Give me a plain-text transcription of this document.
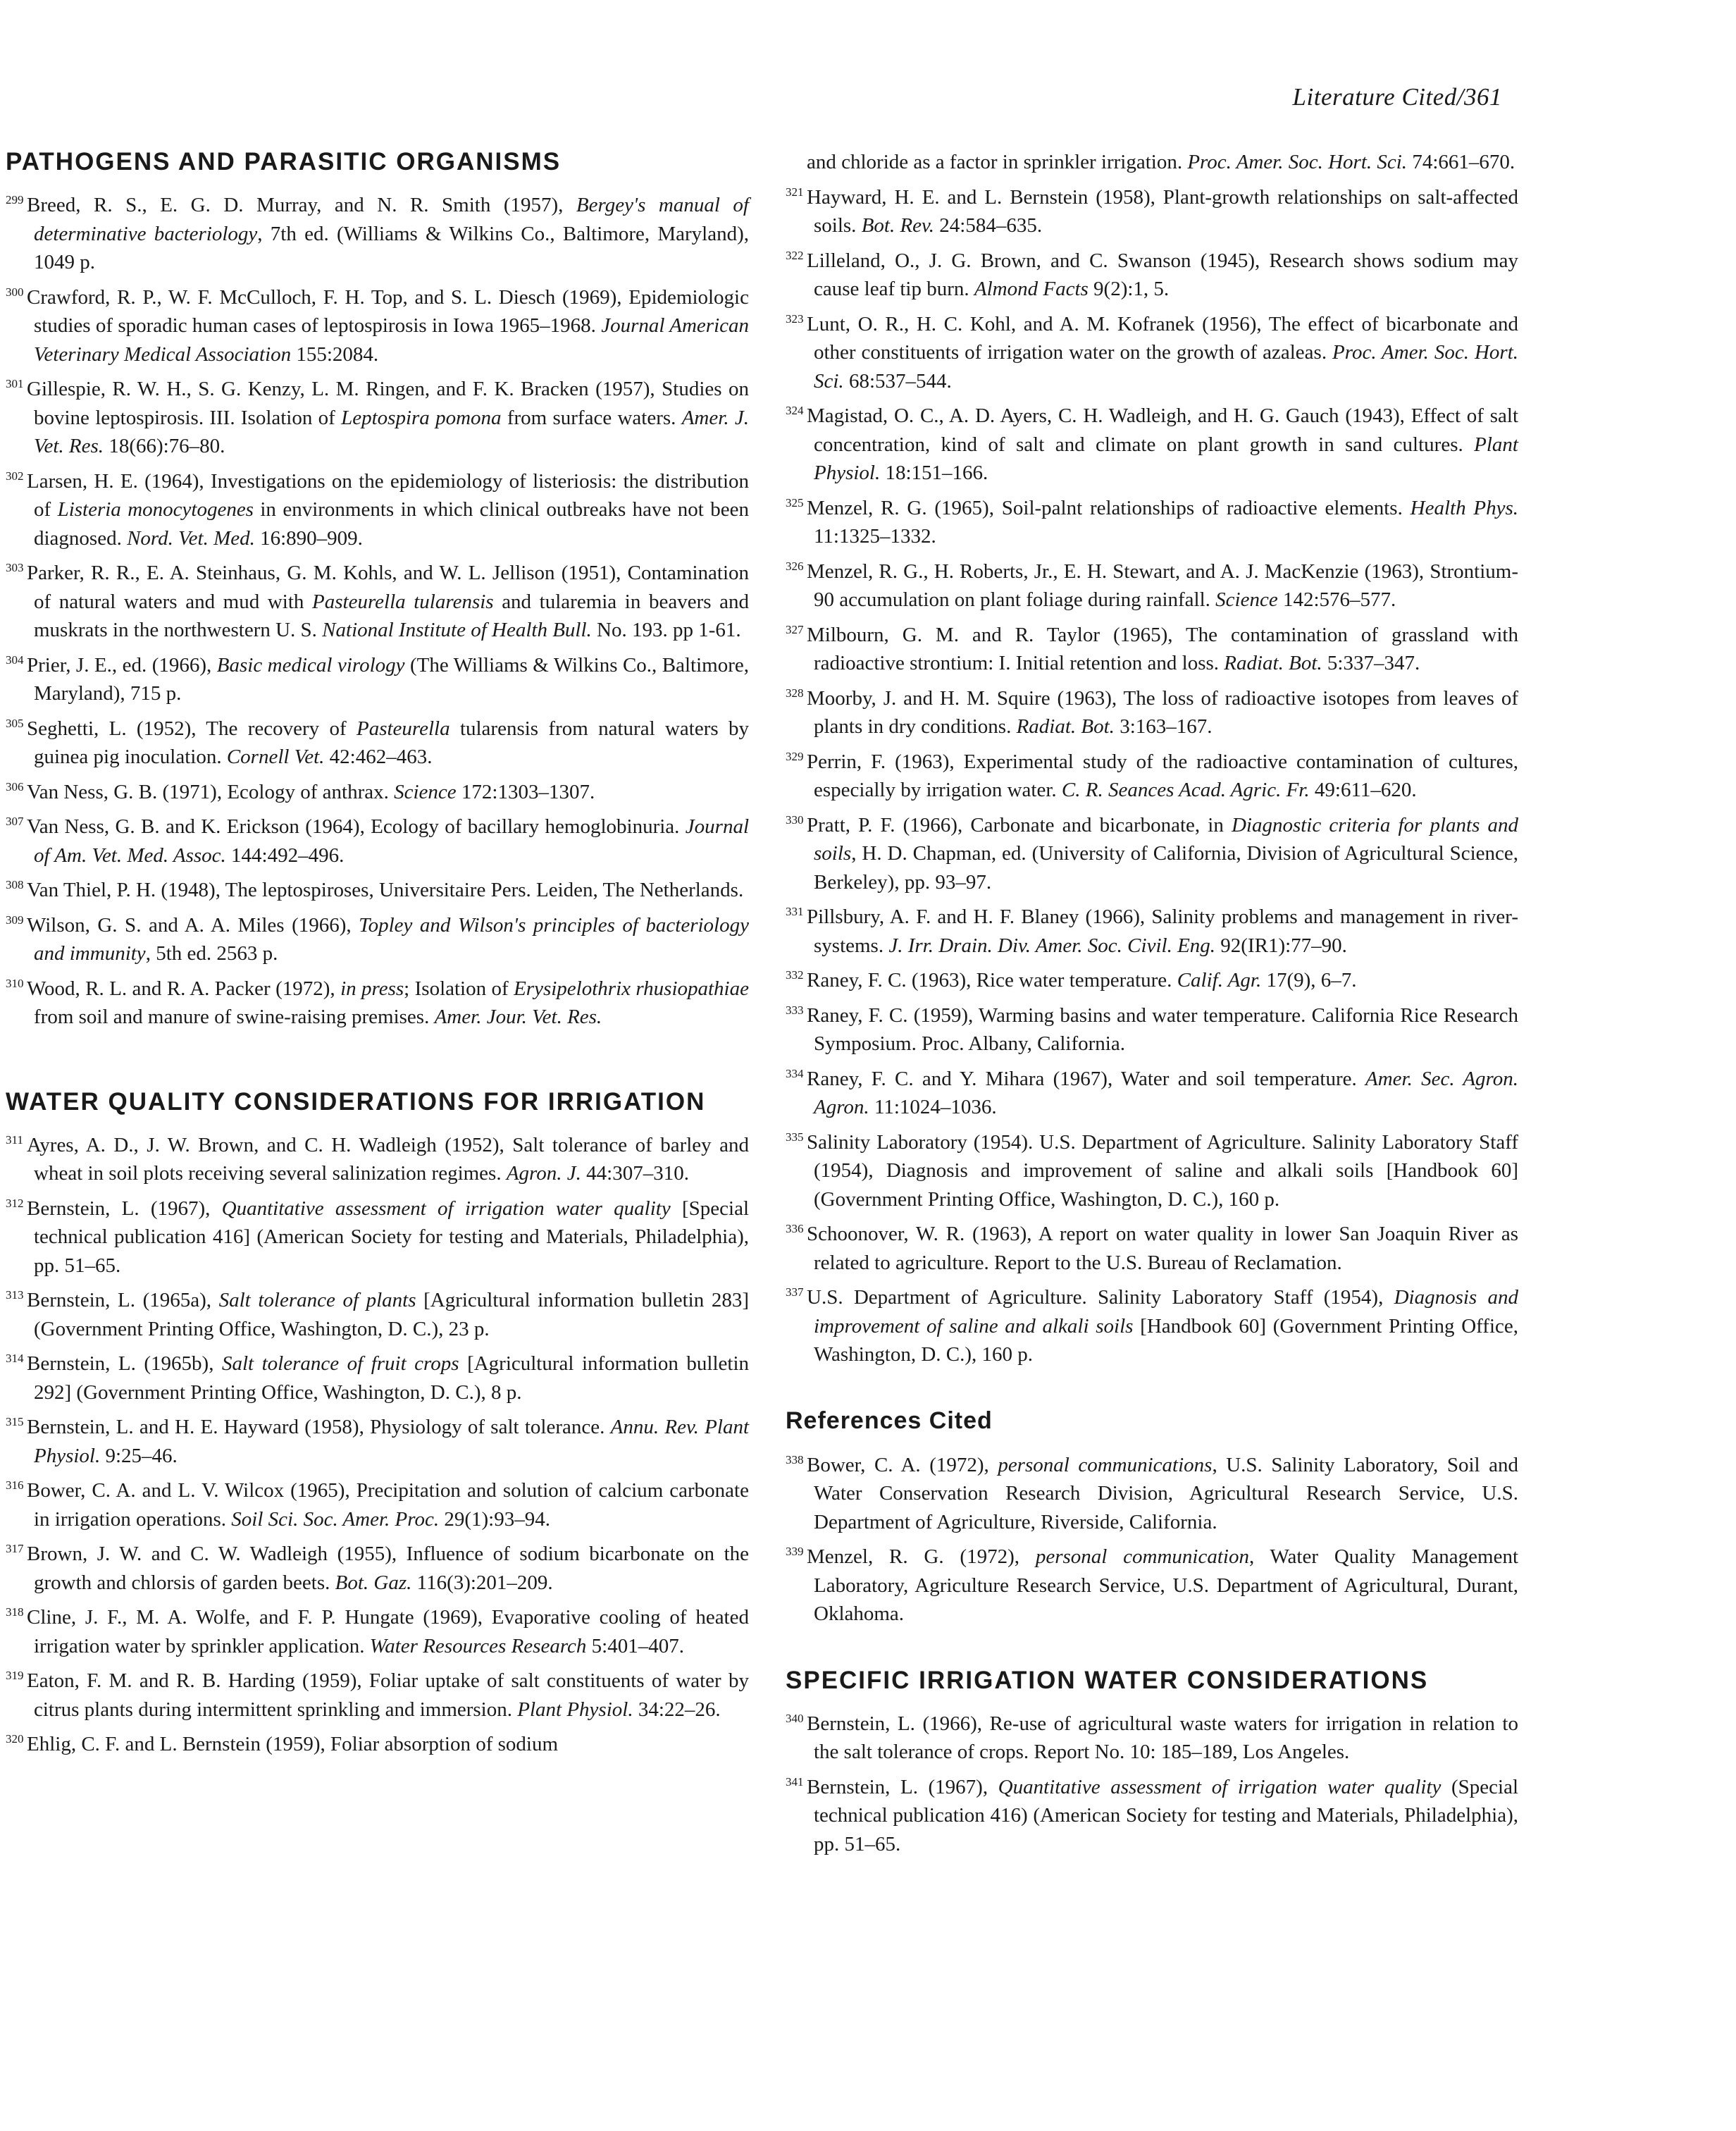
Literature Cited/361
PATHOGENS AND PARASITIC ORGANISMS

299 Breed, R. S., E. G. D. Murray, and N. R. Smith (1957), Bergey's manual of determinative bacteriology, 7th ed. (Williams & Wilkins Co., Baltimore, Maryland), 1049 p.

300 Crawford, R. P., W. F. McCulloch, F. H. Top, and S. L. Diesch (1969), Epidemiologic studies of sporadic human cases of leptospirosis in Iowa 1965–1968. Journal American Veterinary Medical Association 155:2084.

301 Gillespie, R. W. H., S. G. Kenzy, L. M. Ringen, and F. K. Bracken (1957), Studies on bovine leptospirosis. III. Isolation of Leptospira pomona from surface waters. Amer. J. Vet. Res. 18(66):76–80.

302 Larsen, H. E. (1964), Investigations on the epidemiology of listeriosis: the distribution of Listeria monocytogenes in environments in which clinical outbreaks have not been diagnosed. Nord. Vet. Med. 16:890–909.

303 Parker, R. R., E. A. Steinhaus, G. M. Kohls, and W. L. Jellison (1951), Contamination of natural waters and mud with Pasteurella tularensis and tularemia in beavers and muskrats in the northwestern U. S. National Institute of Health Bull. No. 193. pp 1-61.

304 Prier, J. E., ed. (1966), Basic medical virology (The Williams & Wilkins Co., Baltimore, Maryland), 715 p.

305 Seghetti, L. (1952), The recovery of Pasteurella tularensis from natural waters by guinea pig inoculation. Cornell Vet. 42:462–463.

306 Van Ness, G. B. (1971), Ecology of anthrax. Science 172:1303–1307.

307 Van Ness, G. B. and K. Erickson (1964), Ecology of bacillary hemoglobinuria. Journal of Am. Vet. Med. Assoc. 144:492–496.

308 Van Thiel, P. H. (1948), The leptospiroses, Universitaire Pers. Leiden, The Netherlands.

309 Wilson, G. S. and A. A. Miles (1966), Topley and Wilson's principles of bacteriology and immunity, 5th ed. 2563 p.

310 Wood, R. L. and R. A. Packer (1972), in press; Isolation of Erysipelothrix rhusiopathiae from soil and manure of swine-raising premises. Amer. Jour. Vet. Res.

WATER QUALITY CONSIDERATIONS FOR IRRIGATION

311 Ayres, A. D., J. W. Brown, and C. H. Wadleigh (1952), Salt tolerance of barley and wheat in soil plots receiving several salinization regimes. Agron. J. 44:307–310.

312 Bernstein, L. (1967), Quantitative assessment of irrigation water quality [Special technical publication 416] (American Society for testing and Materials, Philadelphia), pp. 51–65.

313 Bernstein, L. (1965a), Salt tolerance of plants [Agricultural information bulletin 283] (Government Printing Office, Washington, D. C.), 23 p.

314 Bernstein, L. (1965b), Salt tolerance of fruit crops [Agricultural information bulletin 292] (Government Printing Office, Washington, D. C.), 8 p.

315 Bernstein, L. and H. E. Hayward (1958), Physiology of salt tolerance. Annu. Rev. Plant Physiol. 9:25–46.

316 Bower, C. A. and L. V. Wilcox (1965), Precipitation and solution of calcium carbonate in irrigation operations. Soil Sci. Soc. Amer. Proc. 29(1):93–94.

317 Brown, J. W. and C. W. Wadleigh (1955), Influence of sodium bicarbonate on the growth and chlorsis of garden beets. Bot. Gaz. 116(3):201–209.

318 Cline, J. F., M. A. Wolfe, and F. P. Hungate (1969), Evaporative cooling of heated irrigation water by sprinkler application. Water Resources Research 5:401–407.

319 Eaton, F. M. and R. B. Harding (1959), Foliar uptake of salt constituents of water by citrus plants during intermittent sprinkling and immersion. Plant Physiol. 34:22–26.

320 Ehlig, C. F. and L. Bernstein (1959), Foliar absorption of sodium

and chloride as a factor in sprinkler irrigation. Proc. Amer. Soc. Hort. Sci. 74:661–670.

321 Hayward, H. E. and L. Bernstein (1958), Plant-growth relationships on salt-affected soils. Bot. Rev. 24:584–635.

322 Lilleland, O., J. G. Brown, and C. Swanson (1945), Research shows sodium may cause leaf tip burn. Almond Facts 9(2):1, 5.

323 Lunt, O. R., H. C. Kohl, and A. M. Kofranek (1956), The effect of bicarbonate and other constituents of irrigation water on the growth of azaleas. Proc. Amer. Soc. Hort. Sci. 68:537–544.

324 Magistad, O. C., A. D. Ayers, C. H. Wadleigh, and H. G. Gauch (1943), Effect of salt concentration, kind of salt and climate on plant growth in sand cultures. Plant Physiol. 18:151–166.

325 Menzel, R. G. (1965), Soil-palnt relationships of radioactive elements. Health Phys. 11:1325–1332.

326 Menzel, R. G., H. Roberts, Jr., E. H. Stewart, and A. J. MacKenzie (1963), Strontium-90 accumulation on plant foliage during rainfall. Science 142:576–577.

327 Milbourn, G. M. and R. Taylor (1965), The contamination of grassland with radioactive strontium: I. Initial retention and loss. Radiat. Bot. 5:337–347.

328 Moorby, J. and H. M. Squire (1963), The loss of radioactive isotopes from leaves of plants in dry conditions. Radiat. Bot. 3:163–167.

329 Perrin, F. (1963), Experimental study of the radioactive contamination of cultures, especially by irrigation water. C. R. Seances Acad. Agric. Fr. 49:611–620.

330 Pratt, P. F. (1966), Carbonate and bicarbonate, in Diagnostic criteria for plants and soils, H. D. Chapman, ed. (University of California, Division of Agricultural Science, Berkeley), pp. 93–97.

331 Pillsbury, A. F. and H. F. Blaney (1966), Salinity problems and management in river-systems. J. Irr. Drain. Div. Amer. Soc. Civil. Eng. 92(IR1):77–90.

332 Raney, F. C. (1963), Rice water temperature. Calif. Agr. 17(9), 6–7.

333 Raney, F. C. (1959), Warming basins and water temperature. California Rice Research Symposium. Proc. Albany, California.

334 Raney, F. C. and Y. Mihara (1967), Water and soil temperature. Amer. Sec. Agron. Agron. 11:1024–1036.

335 Salinity Laboratory (1954). U.S. Department of Agriculture. Salinity Laboratory Staff (1954), Diagnosis and improvement of saline and alkali soils [Handbook 60] (Government Printing Office, Washington, D. C.), 160 p.

336 Schoonover, W. R. (1963), A report on water quality in lower San Joaquin River as related to agriculture. Report to the U.S. Bureau of Reclamation.

337 U.S. Department of Agriculture. Salinity Laboratory Staff (1954), Diagnosis and improvement of saline and alkali soils [Handbook 60] (Government Printing Office, Washington, D. C.), 160 p.

References Cited

338 Bower, C. A. (1972), personal communications, U.S. Salinity Laboratory, Soil and Water Conservation Research Division, Agricultural Research Service, U.S. Department of Agriculture, Riverside, California.

339 Menzel, R. G. (1972), personal communication, Water Quality Management Laboratory, Agriculture Research Service, U.S. Department of Agricultural, Durant, Oklahoma.

SPECIFIC IRRIGATION WATER CONSIDERATIONS

340 Bernstein, L. (1966), Re-use of agricultural waste waters for irrigation in relation to the salt tolerance of crops. Report No. 10: 185–189, Los Angeles.

341 Bernstein, L. (1967), Quantitative assessment of irrigation water quality (Special technical publication 416) (American Society for testing and Materials, Philadelphia), pp. 51–65.
